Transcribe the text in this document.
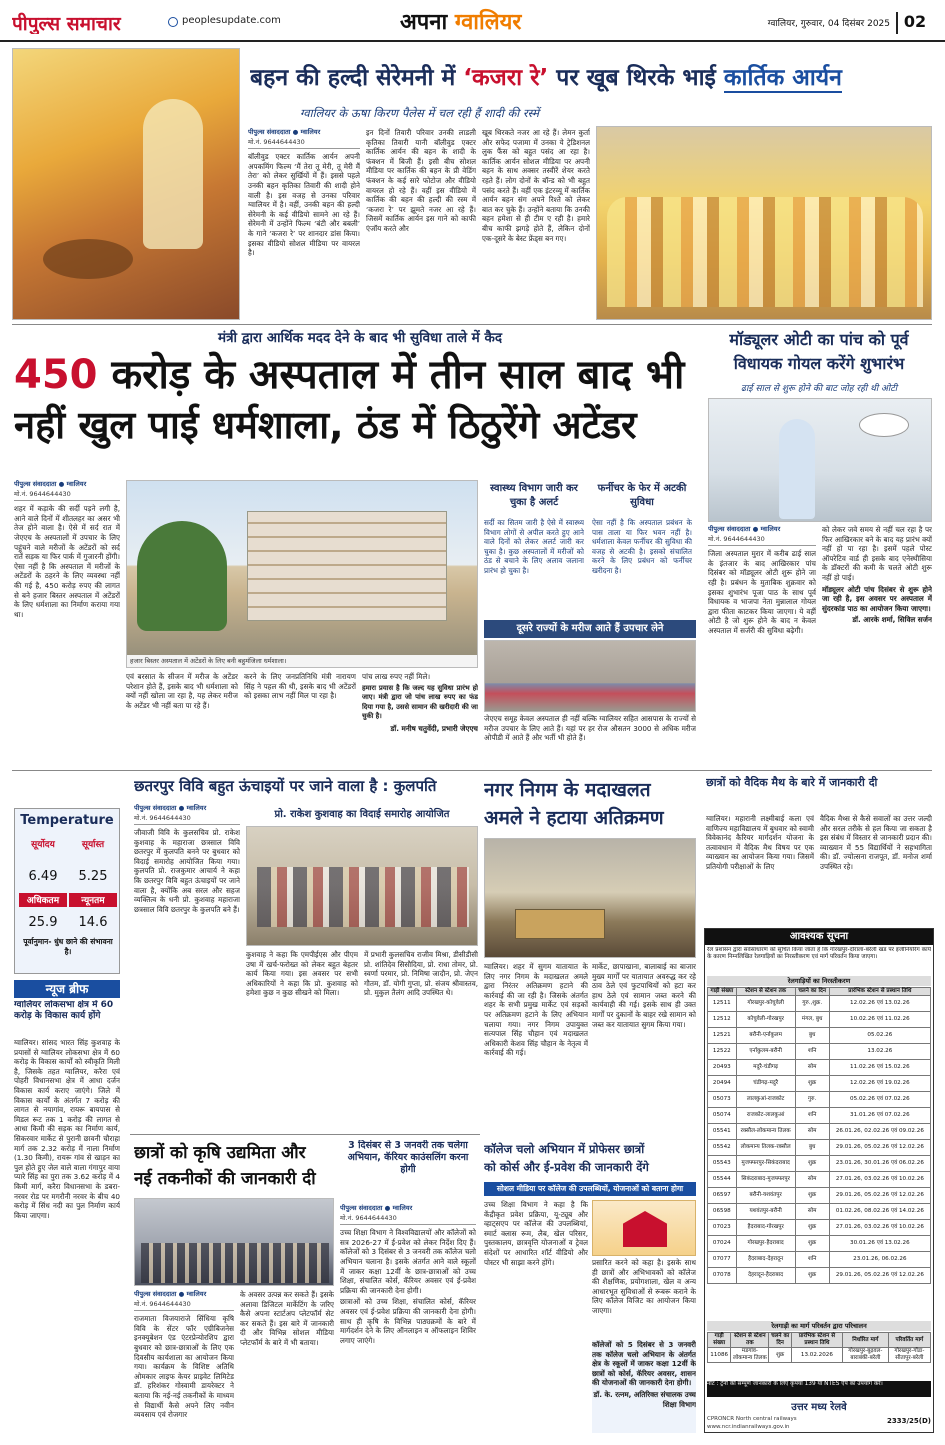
पीपुल्स समाचार	peoplesupdate.com	अपना ग्वालियर	ग्वालियर, गुरुवार, 04 दिसंबर 2025 02
बहन की हल्दी सेरेमनी में ‘कजरा रे’ पर खूब थिरके भाई कार्तिक आर्यन
ग्वालियर के ऊषा किरण पैलेस में चल रही हैं शादी की रस्में
पीपुल्स संवाददाता ● ग्वालियर
मो.नं. 9644644430

बॉलीवुड एक्टर कार्तिक आर्यन अपनी अपकमिंग फिल्म ‘मैं तेरा तू मेरी, तू मेरी मैं तेरा’ को लेकर सुर्खियों में हैं। इससे पहले उनकी बहन कृतिका तिवारी की शादी होने वाली है। इस वजह से उनका परिवार ग्वालियर में है। वहीं, उनकी बहन की हल्दी सेरेमनी के कई वीडियो सामने आ रहे हैं। सेरेमनी में उन्होंने फिल्म ‘बंटी और बबली’ के गाने ‘कजरा रे’ पर शानदार डांस किया। इसका वीडियो सोशल मीडिया पर वायरल है।

इन दिनों तिवारी परिवार उनकी लाडली कृतिका तिवारी यानी बॉलीवुड एक्टर कार्तिक आर्यन की बहन के शादी के फंक्शन में बिजी हैं। इसी बीच सोशल मीडिया पर कार्तिक की बहन के प्री वेडिंग फंक्शन के कई सारे फोटोज और वीडियो वायरल हो रहे हैं। वहीं इस वीडियो में कार्तिक की बहन की हल्दी की रस्म में ‘कजरा रे’ पर झूमते नजर आ रहे हैं। जिसमें कार्तिक आर्यन इस गाने को काफी एंजॉय करते और
खूब थिरकते नजर आ रहे हैं। लेमन कुर्ता और सफेद पजामा में उनका ये ट्रेडिशनल लुक फैंस को बहुत पसंद आ रहा है। कार्तिक आर्यन सोशल मीडिया पर अपनी बहन के साथ अक्सर तस्वीरें शेयर करते रहते हैं। लोग दोनों के बॉन्ड को भी बहुत पसंद करते हैं। वहीं एक इंटरव्यू में कार्तिक आर्यन बहन संग अपने रिश्ते को लेकर बात कर चुके हैं। उन्होंने बताया कि उनकी बहन हमेशा से ही टीम ए रही है। हमारे बीच काफी झगड़े होते हैं, लेकिन दोनों एक-दूसरे के बेस्ट फ्रेंड्स बन गए।
मंत्री द्वारा आर्थिक मदद देने के बाद भी सुविधा ताले में कैद
450 करोड़ के अस्पताल में तीन साल बाद भी
नहीं खुल पाई धर्मशाला, ठंड में ठिठुरेंगे अटेंडर
पीपुल्स संवाददाता ● ग्वालियर
मो.नं. 9644644430

शहर में कड़ाके की सर्दी पड़ने लगी है, आने वाले दिनों में शीतलहर का असर भी तेज होने वाला है। ऐसे में सर्द रात में जेएएच के अस्पतालों में उपचार के लिए पहुंचने वाले मरीजों के अटेंडरों को सर्द रातें सड़क या फिर पार्क में गुजारनी होंगी। ऐसा नहीं है कि अस्पताल में मरीजों के अटेंडरों के ठहरने के लिए व्यवस्था नहीं की गई है, 450 करोड़ रुपए की लागत से बने हजार बिस्तर अस्पताल में अटेंडरों के लिए धर्मशाला का निर्माण कराया गया था।

हजार बिस्तर अस्पताल में अटेंडरों के लिए बनी बहुमंजिला धर्मशाला।
एवं बरसात के सीजन में मरीज के अटेंडर परेशान होते हैं, इसके बाद भी धर्मशाला को क्यों नहीं खोला जा रहा है, यह लेकर मरीज के अटेंडर भी नहीं बता पा रहे हैं।
करने के लिए जनप्रतिनिधि मंत्री नारायण सिंह ने पहल की थी, इसके बाद भी अटेंडरों को इसका लाभ नहीं मिल पा रहा है।

पांच लाख रुपए नहीं मिले।

हमारा प्रयास है कि जल्द यह सुविधा प्रारंभ हो जाए। मंत्री द्वारा जो पांच लाख रुपए का फंड दिया गया है, उससे सामान की खरीदारी की जा चुकी है।

डॉ. मनीष चतुर्वेदी, प्रभारी जेएएच

स्वास्थ्य विभाग जारी कर चुका है अलर्ट
सर्दी का सितम जारी है ऐसे में स्वास्थ्य विभाग लोगों से अपील करते हुए आने वाले दिनों को लेकर अलर्ट जारी कर चुका है। कुछ अस्पतालों में मरीजों को ठंड से बचाने के लिए अलाव जलाना प्रारंभ हो चुका है।
फर्नीचर के फेर में अटकी सुविधा
ऐसा नहीं है कि अस्पताल प्रबंधन के पास ताला या फिर भवन नहीं है। धर्मशाला केवल फर्नीचर की सुविधा की वजह से अटकी है। इसको संचालित करने के लिए प्रबंधन को फर्नीचर खरीदना है।
दूसरे राज्यों के मरीज आते हैं उपचार लेने
जेएएच समूह केवल अस्पताल ही नहीं बल्कि ग्वालियर सहित आसपास के राज्यों से मरीज उपचार के लिए आते हैं। यहां पर हर रोज औसतन 3000 से अधिक मरीज ओपीडी में आते हैं और भर्ती भी होते हैं।
मॉड्यूलर ओटी का पांच को पूर्व
विधायक गोयल करेंगे शुभारंभ
ढाई साल से शुरू होने की बाट जोह रही थी ओटी
पीपुल्स संवाददाता ● ग्वालियर
मो.नं. 9644644430

जिला अस्पताल मुरार में करीब ढाई साल के इंतजार के बाद आखिरकार पांच दिसंबर को मॉड्यूलर ओटी शुरू होने जा रही है। प्रबंधन के मुताबिक शुक्रवार को इसका शुभारंभ पूजा पाठ के साथ पूर्व विधायक व भाजपा नेता मुन्नालाल गोयल द्वारा फीता काटकर किया जाएगा। ये वहीं ओटी है जो शुरू होने के बाद न केवल अस्पताल में सर्जरी की सुविधा बढ़ेगी।

को लेकर जवे समय से नहीं चल रहा है पर फिर आखिरकार बने के बाद यह प्रारंभ क्यों नहीं हो पा रहा है। इसमें पहले पोस्ट ऑपरेटिव वार्ड ही इसके बाद एनेस्थीसिया के डॉक्टरों की कमी के चलते ओटी शुरू नहीं हो पाई।

मॉड्यूलर ओटी पांच दिसंबर से शुरू होने जा रही है, इस अवसर पर अस्पताल में सुंदरकांड पाठ का आयोजन किया जाएगा।

डॉ. आरके शर्मा, सिविल सर्जन

Temperature
सूर्योदय	सूर्यास्त
6.49	5.25
अधिकतम	न्यूनतम
25.9	14.6
पूर्वानुमान- धुंध छाने की संभावना है।
न्यूज ब्रीफ
ग्वालियर लोकसभा क्षेत्र में 60 करोड़ के विकास कार्य होंगे
ग्वालियर। सांसद भारत सिंह कुशवाह के प्रयासों से ग्वालियर लोकसभा क्षेत्र में 60 करोड़ के विकास कार्यों को स्वीकृति मिली है, जिसके तहत ग्वालियर, करैरा एवं पोहरी विधानसभा क्षेत्र में आधा दर्जन विकास कार्य कराए जाएंगे। जिले में विकास कार्यों के अंतर्गत 7 करोड़ की लागत से नयागांव, रायरू बायपास से मिडल रूट तक 1 करोड़ की लागत से आधा किमी की सड़क का निर्माण कार्य, सिकरवार मार्केट से पुरानी छावनी चौराहा मार्ग तक 2.32 करोड़ में नाला निर्माण (1.30 किमी), रायरू गांव से खाड़न का पुल होते हुए जेल वाले वाला गंगापुर वाया प्यारे सिंह का पुरा तक 3.62 करोड़ में 4 किमी मार्ग, करैरा विधानसभा के डबरा-नरवर रोड पर मगरौनी नरवर के बीच 40 करोड़ में सिंध नदी का पुल निर्माण कार्य किया जाएगा।
छतरपुर विवि बहुत ऊंचाइयों पर जाने वाला है : कुलपति
पीपुल्स संवाददाता ● ग्वालियर
मो.नं. 9644644430	प्रो. राकेश कुशवाह का विदाई समारोह आयोजित
जीवाजी विवि के कुलसचिव प्रो. राकेश कुशवाह के महाराजा छत्रसाल विवि छतरपुर में कुलपति बनने पर बुधवार को विदाई समारोह आयोजित किया गया। कुलपति प्रो. राजकुमार आचार्य ने कहा कि छतरपुर विवि बहुत ऊंचाइयों पर जाने वाला है, क्योंकि अब सरल और सहज व्यक्तित्व के धनी प्रो. कुशवाह महाराजा छत्रसाल विवि छतरपुर के कुलपति बने हैं।
कुशवाह ने कहा कि एमपीईएस और पीएम उषा में खर्च-फरोख्त को लेकर बहुत बेहतर कार्य किया गया। इस अवसर पर सभी अधिकारियों ने कहा कि प्रो. कुशवाह को हमेशा कुछ न कुछ सीखने को मिला।
में प्रभारी कुलसचिव राजीव मिश्रा, डीसीडीसी प्रो. शांतिदेव सिसौदिया, प्रो. राधा तोमर, प्रो. स्वर्णा परमार, प्रो. निमिषा जादौन, प्रो. जेएन गौतम, डॉ. योगी गुप्ता, प्रो. संजय श्रीवास्तव, प्रो. मुकुल तैलंग आदि उपस्थित थे।
छात्रों को कृषि उद्यमिता और
नई तकनीकों की जानकारी दी
पीपुल्स संवाददाता ● ग्वालियर
मो.नं. 9644644430

राजमाता विजयाराजे सिंधिया कृषि विवि के सेंटर फॉर एग्रीबिजनेस इनक्यूबेशन एंड एंटरप्रेन्योरशिप द्वारा बुधवार को छात्र-छात्राओं के लिए एक दिवसीय कार्यशाला का आयोजन किया गया। कार्यक्रम के विशिष्ट अतिथि ओमकार लाइफ केयर प्राइवेट लिमिटेड डॉ. हरिशंकर गोस्वामी डायरेक्टर ने बताया कि नई-नई तकनीकों के माध्यम से विद्यार्थी कैसे अपने लिए नवीन व्यवसाय एवं रोजगार

के अवसर उत्पन्न कर सकते हैं। इसके अलावा डिजिटल मार्केटिंग के जरिए कैसे अपना स्टार्टअप प्लेटफॉर्म सेट कर सकते हैं। इस बारे में जानकारी दी और विभिन्न सोशल मीडिया प्लेटफॉर्म के बारे में भी बताया।
3 दिसंबर से 3 जनवरी तक चलेगा अभियान, कॅरियर काउंसलिंग करना होगी
पीपुल्स संवाददाता ● ग्वालियर
मो.नं. 9644644430

उच्च शिक्षा विभाग ने विश्वविद्यालयों और कॉलेजों को सत्र 2026-27 में ई-प्रवेश को लेकर निर्देश दिए हैं। कॉलेजों को 3 दिसंबर से 3 जनवरी तक कॉलेज चलो अभियान चलाना है। इसके अंतर्गत आने वाले स्कूलों में जाकर कक्षा 12वीं के छात्र-छात्राओं को उच्च शिक्षा, संचालित कोर्स, कॅरियर अवसर एवं ई-प्रवेश प्रक्रिया की जानकारी देना होगी।

छात्राओं को उच्च शिक्षा, संचालित कोर्स, कॅरियर अवसर एवं ई-प्रवेश प्रक्रिया की जानकारी देना होगी। साथ ही कृषि के विभिन्न पाठ्यक्रमों के बारे में मार्गदर्शन देने के लिए ऑनलाइन व ऑफलाइन शिविर लगाए जाएंगे।

नगर निगम के मदाखलत
अमले ने हटाया अतिक्रमण
ग्वालियर। शहर में सुगम यातायात के लिए नगर निगम के मदाखलत अमले द्वारा निरंतर अतिक्रमण हटाने की कार्रवाई की जा रही है। जिसके अंतर्गत शहर के सभी प्रमुख मार्केट एवं सड़कों पर अतिक्रमण हटाने के लिए अभियान चलाया गया। नगर निगम उपायुक्त सत्यपाल सिंह चौहान एवं मदाखलत अधिकारी केशव सिंह चौहान के नेतृत्व में कार्रवाई की गई।
मार्केट, छापाखाना, बालाबाई का बाजार मुख्य मार्गों पर यातायात अवरुद्ध कर रहे ठाव ठेले एवं फुटपाथियों को हटा कर हाथ ठेले एवं सामान जब्त करने की कार्यवाही की गई। इसके साथ ही उक्त मार्गों पर दुकानों के बाहर रखे सामान को जब्त कर यातायात सुगम किया गया।
कॉलेज चलो अभियान में प्रोफेसर छात्रों
को कोर्स और ई-प्रवेश की जानकारी देंगे
सोशल मीडिया पर कॉलेज की उपलब्धियों, योजनाओं को बताना होगा
उच्च शिक्षा विभाग ने कहा है कि केंद्रीकृत प्रवेश प्रक्रिया, यू-ट्यूब और व्हाट्सएप पर कॉलेज की उपलब्धियां, स्मार्ट क्लास रूम, लैब, खेल परिसर, पुस्तकालय, छात्रवृत्ति योजनाओं व ट्रेवल संदेशों पर आधारित शॉर्ट वीडियो और पोस्टर भी साझा करने होंगे।	प्रसारित करने को कहा है। इसके साथ ही छात्रों और अभिभावकों को कॉलेज की शैक्षणिक, प्रयोगशाला, खेल व अन्य आधारभूत सुविधाओं से रूबरू कराने के लिए कॉलेज विजिट का आयोजन किया जाएगा।

कॉलेजों को 5 दिसंबर से 3 जनवरी तक कॉलेज चलो अभियान के अंतर्गत क्षेत्र के स्कूलों में जाकर कक्षा 12वीं के छात्रों को कोर्स, कॅरियर अवसर, शासन की योजनाओं की जानकारी देना होगी।

डॉ. के. रत्नम, अतिरिक्त संचालक उच्च शिक्षा विभाग

छात्रों को वैदिक मैथ के बारे में जानकारी दी
ग्वालियर। महारानी लक्ष्मीबाई कला एवं वाणिज्य महाविद्यालय में बुधवार को स्वामी विवेकानंद कैरियर मार्गदर्शन योजना के तत्वावधान में वैदिक मैथ विषय पर एक व्याख्यान का आयोजन किया गया। जिसमें प्रतियोगी परीक्षाओं के लिए
वैदिक मैथ्स से कैसे सवालों का उत्तर जल्दी और सरल तरीके से हल किया जा सकता है इस संबंध में विस्तार से जानकारी प्रदान की। व्याख्यान में 55 विद्यार्थियों ने सहभागिता की। डॉ. ज्योत्सना राजपूत, डॉ. मनोज शर्मा उपस्थित रहे।
आवश्यक सूचना
रेल प्रशासन द्वारा सर्वसाधारण को सूचित किया जाता है कि गोरखपुर-दौराला-बरेली खंड पर इंजीनियरिंग कार्य के कारण निम्नलिखित रेलगाड़ियों का निरस्तीकरण एवं मार्ग परिवर्तन किया जाएगा।
रेलगाड़ियों का निरस्तीकरण
गाड़ी संख्या	स्टेशन से स्टेशन तक	चलने का दिन	प्रारंभिक स्टेशन से प्रस्थान तिथि
12511	गोरखपुर-कोचुवेली	गुरु.,शुक्र.	12.02.26 एवं 13.02.26
12512	कोचुवेली-गोरखपुर	मंगल, बुध	10.02.26 एवं 11.02.26
12521	बरौनी-एर्नाकुलम	बुध	05.02.26
12522	एर्नाकुलम-बरौनी	शनि	13.02.26
20493	मदुरै-चंडीगढ़	सोम	11.02.26 एवं 15.02.26
20494	चंडीगढ़-मदुरै	शुक्र	12.02.26 एवं 19.02.26
05073	लालकुआं-राजकोट	गुरु.	05.02.26 एवं 07.02.26
05074	राजकोट-लालकुआं	शनि	31.01.26 एवं 07.02.26
05541	रक्सौल-लोकमान्य तिलक	सोम	26.01.26, 02.02.26 एवं 09.02.26
05542	लोकमान्य तिलक-रक्सौल	बुध	29.01.26, 05.02.26 एवं 12.02.26
05543	मुजफ्फरपुर-सिकंदराबाद	शुक्र	23.01.26, 30.01.26 एवं 06.02.26
05544	सिकंदराबाद-मुजफ्फरपुर	सोम	27.01.26, 03.02.26 एवं 10.02.26
06597	बरौनी-यशवंतपुर	शुक्र	29.01.26, 05.02.26 एवं 12.02.26
06598	यशवंतपुर-बरौनी	सोम	01.02.26, 08.02.26 एवं 14.02.26
07023	हैदराबाद-गोरखपुर	शुक्र	27.01.26, 03.02.26 एवं 10.02.26
07024	गोरखपुर-हैदराबाद	शुक्र	30.01.26 एवं 13.02.26
07077	हैदराबाद-देहरादून	शनि	23.01.26, 06.02.26
07078	देहरादून-हैदराबाद	शुक्र	29.01.26, 05.02.26 एवं 12.02.26
रेलगाड़ी का मार्ग परिवर्तन द्वारा परिचालन
गाड़ी संख्या	स्टेशन से स्टेशन तक	चलने का दिन	प्रारंभिक स्टेशन से प्रस्थान तिथि	निर्धारित मार्ग	परिवर्तित मार्ग
11086	मडगांव-लोकमान्य तिलक	शुक्र	13.02.2026	गोरखपुर-बुढ़वल-बाराबंकी-बरेली	गोरखपुर-गोंडा-सीतापुर-बरेली
नोट : ट्रेनों की सम्पूर्ण जानकारी के लिए कृपया 139 या NTES ऐप का उपयोग करें।
उत्तर मध्य रेलवे
CPRONCR North central railways www.ncr.indianrailways.gov.in
2333/25(D)
